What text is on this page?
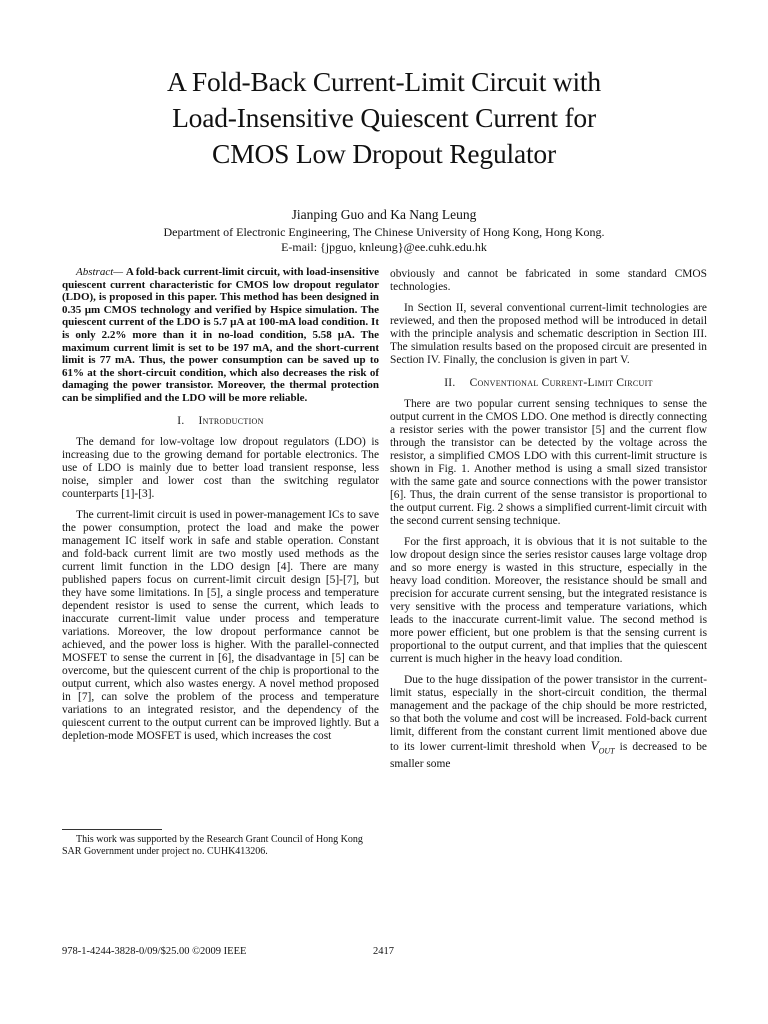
A Fold-Back Current-Limit Circuit with
Load-Insensitive Quiescent Current for
CMOS Low Dropout Regulator
Jianping Guo and Ka Nang Leung
Department of Electronic Engineering, The Chinese University of Hong Kong, Hong Kong.
E-mail: {jpguo, knleung}@ee.cuhk.edu.hk

Abstract— A fold-back current-limit circuit, with load-insensitive quiescent current characteristic for CMOS low dropout regulator (LDO), is proposed in this paper. This method has been designed in 0.35 µm CMOS technology and verified by Hspice simulation. The quiescent current of the LDO is 5.7 µA at 100-mA load condition. It is only 2.2% more than it in no-load condition, 5.58 µA. The maximum current limit is set to be 197 mA, and the short-current limit is 77 mA. Thus, the power consumption can be saved up to 61% at the short-circuit condition, which also decreases the risk of damaging the power transistor. Moreover, the thermal protection can be simplified and the LDO will be more reliable.

I. Introduction

The demand for low-voltage low dropout regulators (LDO) is increasing due to the growing demand for portable electronics. The use of LDO is mainly due to better load transient response, less noise, simpler and lower cost than the switching regulator counterparts [1]-[3].

The current-limit circuit is used in power-management ICs to save the power consumption, protect the load and make the power management IC itself work in safe and stable operation. Constant and fold-back current limit are two mostly used methods as the current limit function in the LDO design [4]. There are many published papers focus on current-limit circuit design [5]-[7], but they have some limitations. In [5], a single process and temperature dependent resistor is used to sense the current, which leads to inaccurate current-limit value under process and temperature variations. Moreover, the low dropout performance cannot be achieved, and the power loss is higher. With the parallel-connected MOSFET to sense the current in [6], the disadvantage in [5] can be overcome, but the quiescent current of the chip is proportional to the output current, which also wastes energy. A novel method proposed in [7], can solve the problem of the process and temperature variations to an integrated resistor, and the dependency of the quiescent current to the output current can be improved lightly. But a depletion-mode MOSFET is used, which increases the cost

This work was supported by the Research Grant Council of Hong Kong SAR Government under project no. CUHK413206.

obviously and cannot be fabricated in some standard CMOS technologies.

In Section II, several conventional current-limit technologies are reviewed, and then the proposed method will be introduced in detail with the principle analysis and schematic description in Section III. The simulation results based on the proposed circuit are presented in Section IV. Finally, the conclusion is given in part V.

II. Conventional Current-Limit Circuit

There are two popular current sensing techniques to sense the output current in the CMOS LDO. One method is directly connecting a resistor series with the power transistor [5] and the current flow through the transistor can be detected by the voltage across the resistor, a simplified CMOS LDO with this current-limit structure is shown in Fig. 1. Another method is using a small sized transistor with the same gate and source connections with the power transistor [6]. Thus, the drain current of the sense transistor is proportional to the output current. Fig. 2 shows a simplified current-limit circuit with the second current sensing technique.

For the first approach, it is obvious that it is not suitable to the low dropout design since the series resistor causes large voltage drop and so more energy is wasted in this structure, especially in the heavy load condition. Moreover, the resistance should be small and precision for accurate current sensing, but the integrated resistance is very sensitive with the process and temperature variations, which leads to the inaccurate current-limit value. The second method is more power efficient, but one problem is that the sensing current is proportional to the output current, and that implies that the quiescent current is much higher in the heavy load condition.

Due to the huge dissipation of the power transistor in the current-limit status, especially in the short-circuit condition, the thermal management and the package of the chip should be more restricted, so that both the volume and cost will be increased. Fold-back current limit, different from the constant current limit mentioned above due to its lower current-limit threshold when $V_{OUT}$ is decreased to be smaller some

978-1-4244-3828-0/09/$25.00 ©2009 IEEE	2417
